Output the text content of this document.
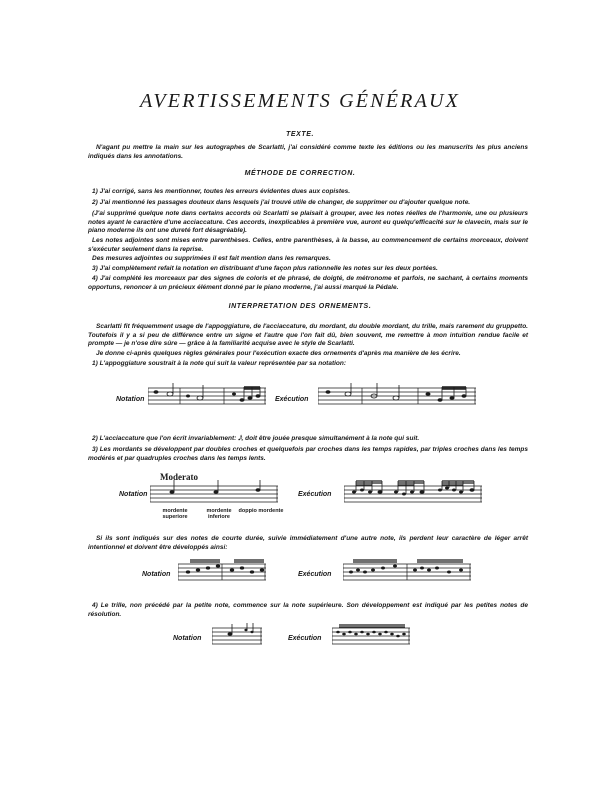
AVERTISSEMENTS GÉNÉRAUX
TEXTE.
N'agant pu mettre la main sur les autographes de Scarlatti, j'ai considéré comme texte les éditions ou les manuscrits les plus anciens indiqués dans les annotations.
MÉTHODE DE CORRECTION.
1) J'ai corrigé, sans les mentionner, toutes les erreurs évidentes dues aux copistes.
2) J'ai mentionné les passages douteux dans lesquels j'ai trouvé utile de changer, de supprimer ou d'ajouter quelque note.
(J'ai supprimé quelque note dans certains accords où Scarlatti se plaisait à grouper, avec les notes réelles de l'harmonie, une ou plusieurs notes ayant le caractère d'une acciaccature. Ces accords, inexplicables à première vue, auront eu quelqu'efficacité sur le clavecin, mais sur le piano moderne ils ont une dureté fort désagréable).
Les notes adjointes sont mises entre parenthèses. Celles, entre parenthèses, à la basse, au commencement de certains morceaux, doivent s'exécuter seulement dans la reprise.
Des mesures adjointes ou supprimées il est fait mention dans les remarques.
3) J'ai complètement refait la notation en distribuant d'une façon plus rationnelle les notes sur les deux portées.
4) J'ai complété les morceaux par des signes de coloris et de phrasé, de doigté, de métronome et parfois, ne sachant, à certains moments opportuns, renoncer à un précieux élément donné par le piano moderne, j'ai aussi marqué la Pédale.
INTERPRETATION DES ORNEMENTS.
Scarlatti fit fréquemment usage de l'appoggiature, de l'acciaccature, du mordant, du double mordant, du trille, mais rarement du gruppetto. Toutefois il y a si peu de différence entre un signe et l'autre que l'on fait dû, bien souvent, me remettre à mon intuition rendue facile et prompte — je n'ose dire sûre — grâce à la familiarité acquise avec le style de Scarlatti.
Je donne ci-après quelques règles générales pour l'exécution exacte des ornements d'après ma manière de les écrire.
1) L'appoggiature soustrait à la note qui suit la valeur représentée par sa notation:
Notation	Exécution
2) L'acciaccature que l'on écrit invariablement: 𝅘𝅥𝅮, doit être jouée presque simultanément à la note qui suit.
3) Les mordants se développent par doubles croches et quelquefois par croches dans les temps rapides, par triples croches dans les temps modérés et par quadruples croches dans les temps lents.
Moderato
Notation
mordente superiore
mordente inferiore
doppio mordente
Exécution
Si ils sont indiqués sur des notes de courte durée, suivie immédiatement d'une autre note, ils perdent leur caractère de léger arrêt intentionnel et doivent être développés ainsi:
Notation	Exécution
4) Le trille, non précédé par la petite note, commence sur la note supérieure. Son développement est indiqué par les petites notes de résolution.
Notation	Exécution
